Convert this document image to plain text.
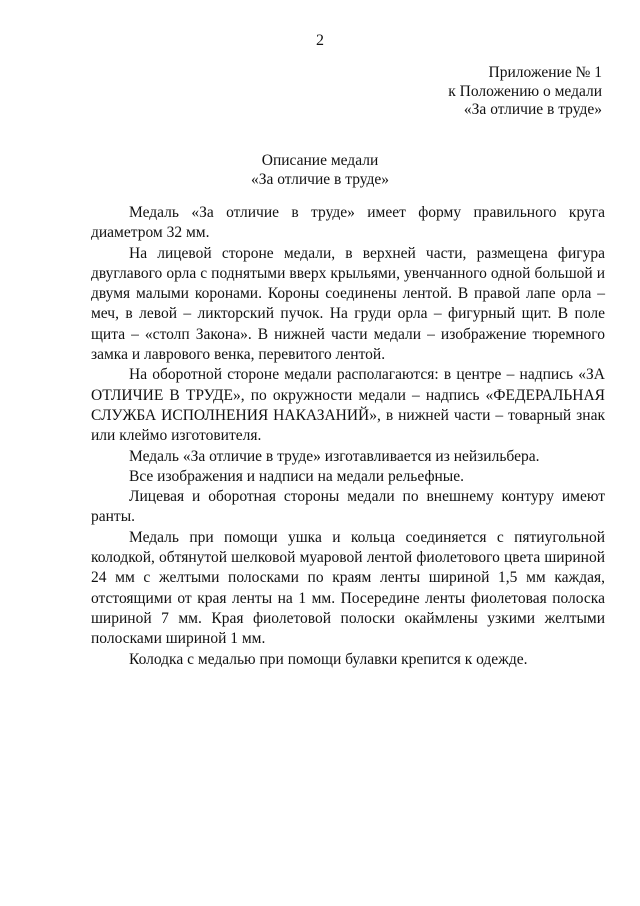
2
Приложение № 1
к Положению о медали
«За отличие в труде»
Описание медали
«За отличие в труде»

Медаль «За отличие в труде» имеет форму правильного круга диаметром 32 мм.

На лицевой стороне медали, в верхней части, размещена фигура двуглавого орла с поднятыми вверх крыльями, увенчанного одной большой и двумя малыми коронами. Короны соединены лентой. В правой лапе орла – меч, в левой – ликторский пучок. На груди орла – фигурный щит. В поле щита – «столп Закона». В нижней части медали – изображение тюремного замка и лаврового венка, перевитого лентой.

На оборотной стороне медали располагаются: в центре – надпись «ЗА ОТЛИЧИЕ В ТРУДЕ», по окружности медали – надпись «ФЕДЕРАЛЬНАЯ СЛУЖБА ИСПОЛНЕНИЯ НАКАЗАНИЙ», в нижней части – товарный знак или клеймо изготовителя.

Медаль «За отличие в труде» изготавливается из нейзильбера.

Все изображения и надписи на медали рельефные.

Лицевая и оборотная стороны медали по внешнему контуру имеют ранты.

Медаль при помощи ушка и кольца соединяется с пятиугольной колодкой, обтянутой шелковой муаровой лентой фиолетового цвета шириной 24 мм с желтыми полосками по краям ленты шириной 1,5 мм каждая, отстоящими от края ленты на 1 мм. Посередине ленты фиолетовая полоска шириной 7 мм. Края фиолетовой полоски окаймлены узкими желтыми полосками шириной 1 мм.

Колодка с медалью при помощи булавки крепится к одежде.
